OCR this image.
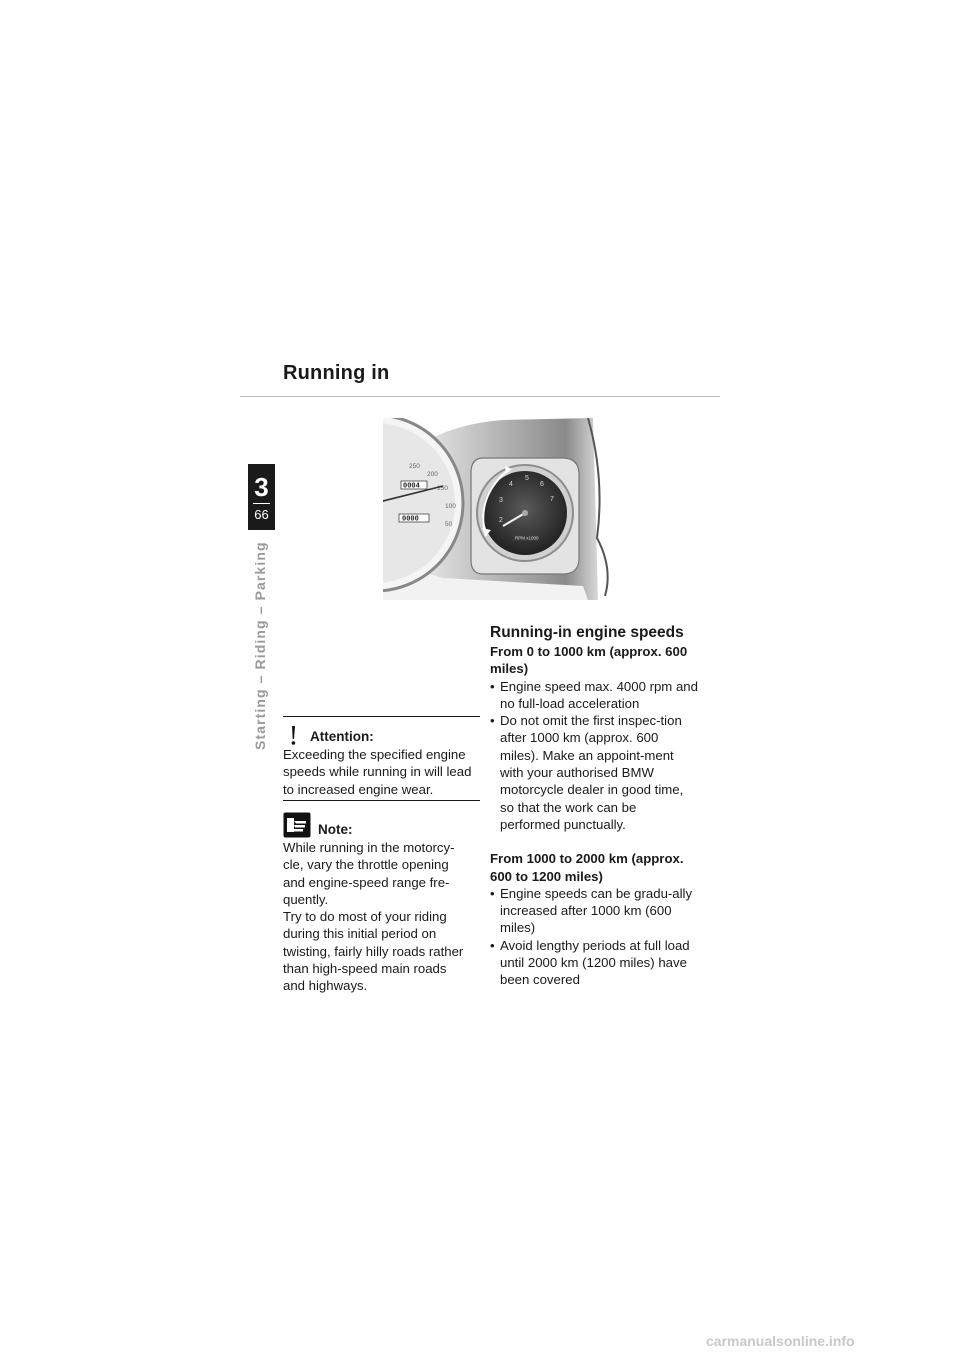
Running in
3
66
Starting – Riding – Parking
250
200
150
100
50
0004
0000	2
3
4
5
6
7
RPM x1000
Attention:

Exceeding the specified engine speeds while running in will lead to increased engine wear.

Note:

While running in the motorcy-

cle, vary the throttle opening

and engine-speed range fre-

quently.

Try to do most of your riding

during this initial period on

twisting, fairly hilly roads rather

than high-speed main roads

and highways.

Running-in engine speeds

From 0 to 1000 km (approx. 600 miles)

• Engine speed max. 4000 rpm and no full-load acceleration
• Do not omit the first inspec-tion after 1000 km (approx. 600 miles). Make an appoint-ment with your authorised BMW motorcycle dealer in good time, so that the work can be performed punctually.

From 1000 to 2000 km (approx. 600 to 1200 miles)

• Engine speeds can be gradu-ally increased after 1000 km (600 miles)
• Avoid lengthy periods at full load until 2000 km (1200 miles) have been covered
carmanualsonline.info
